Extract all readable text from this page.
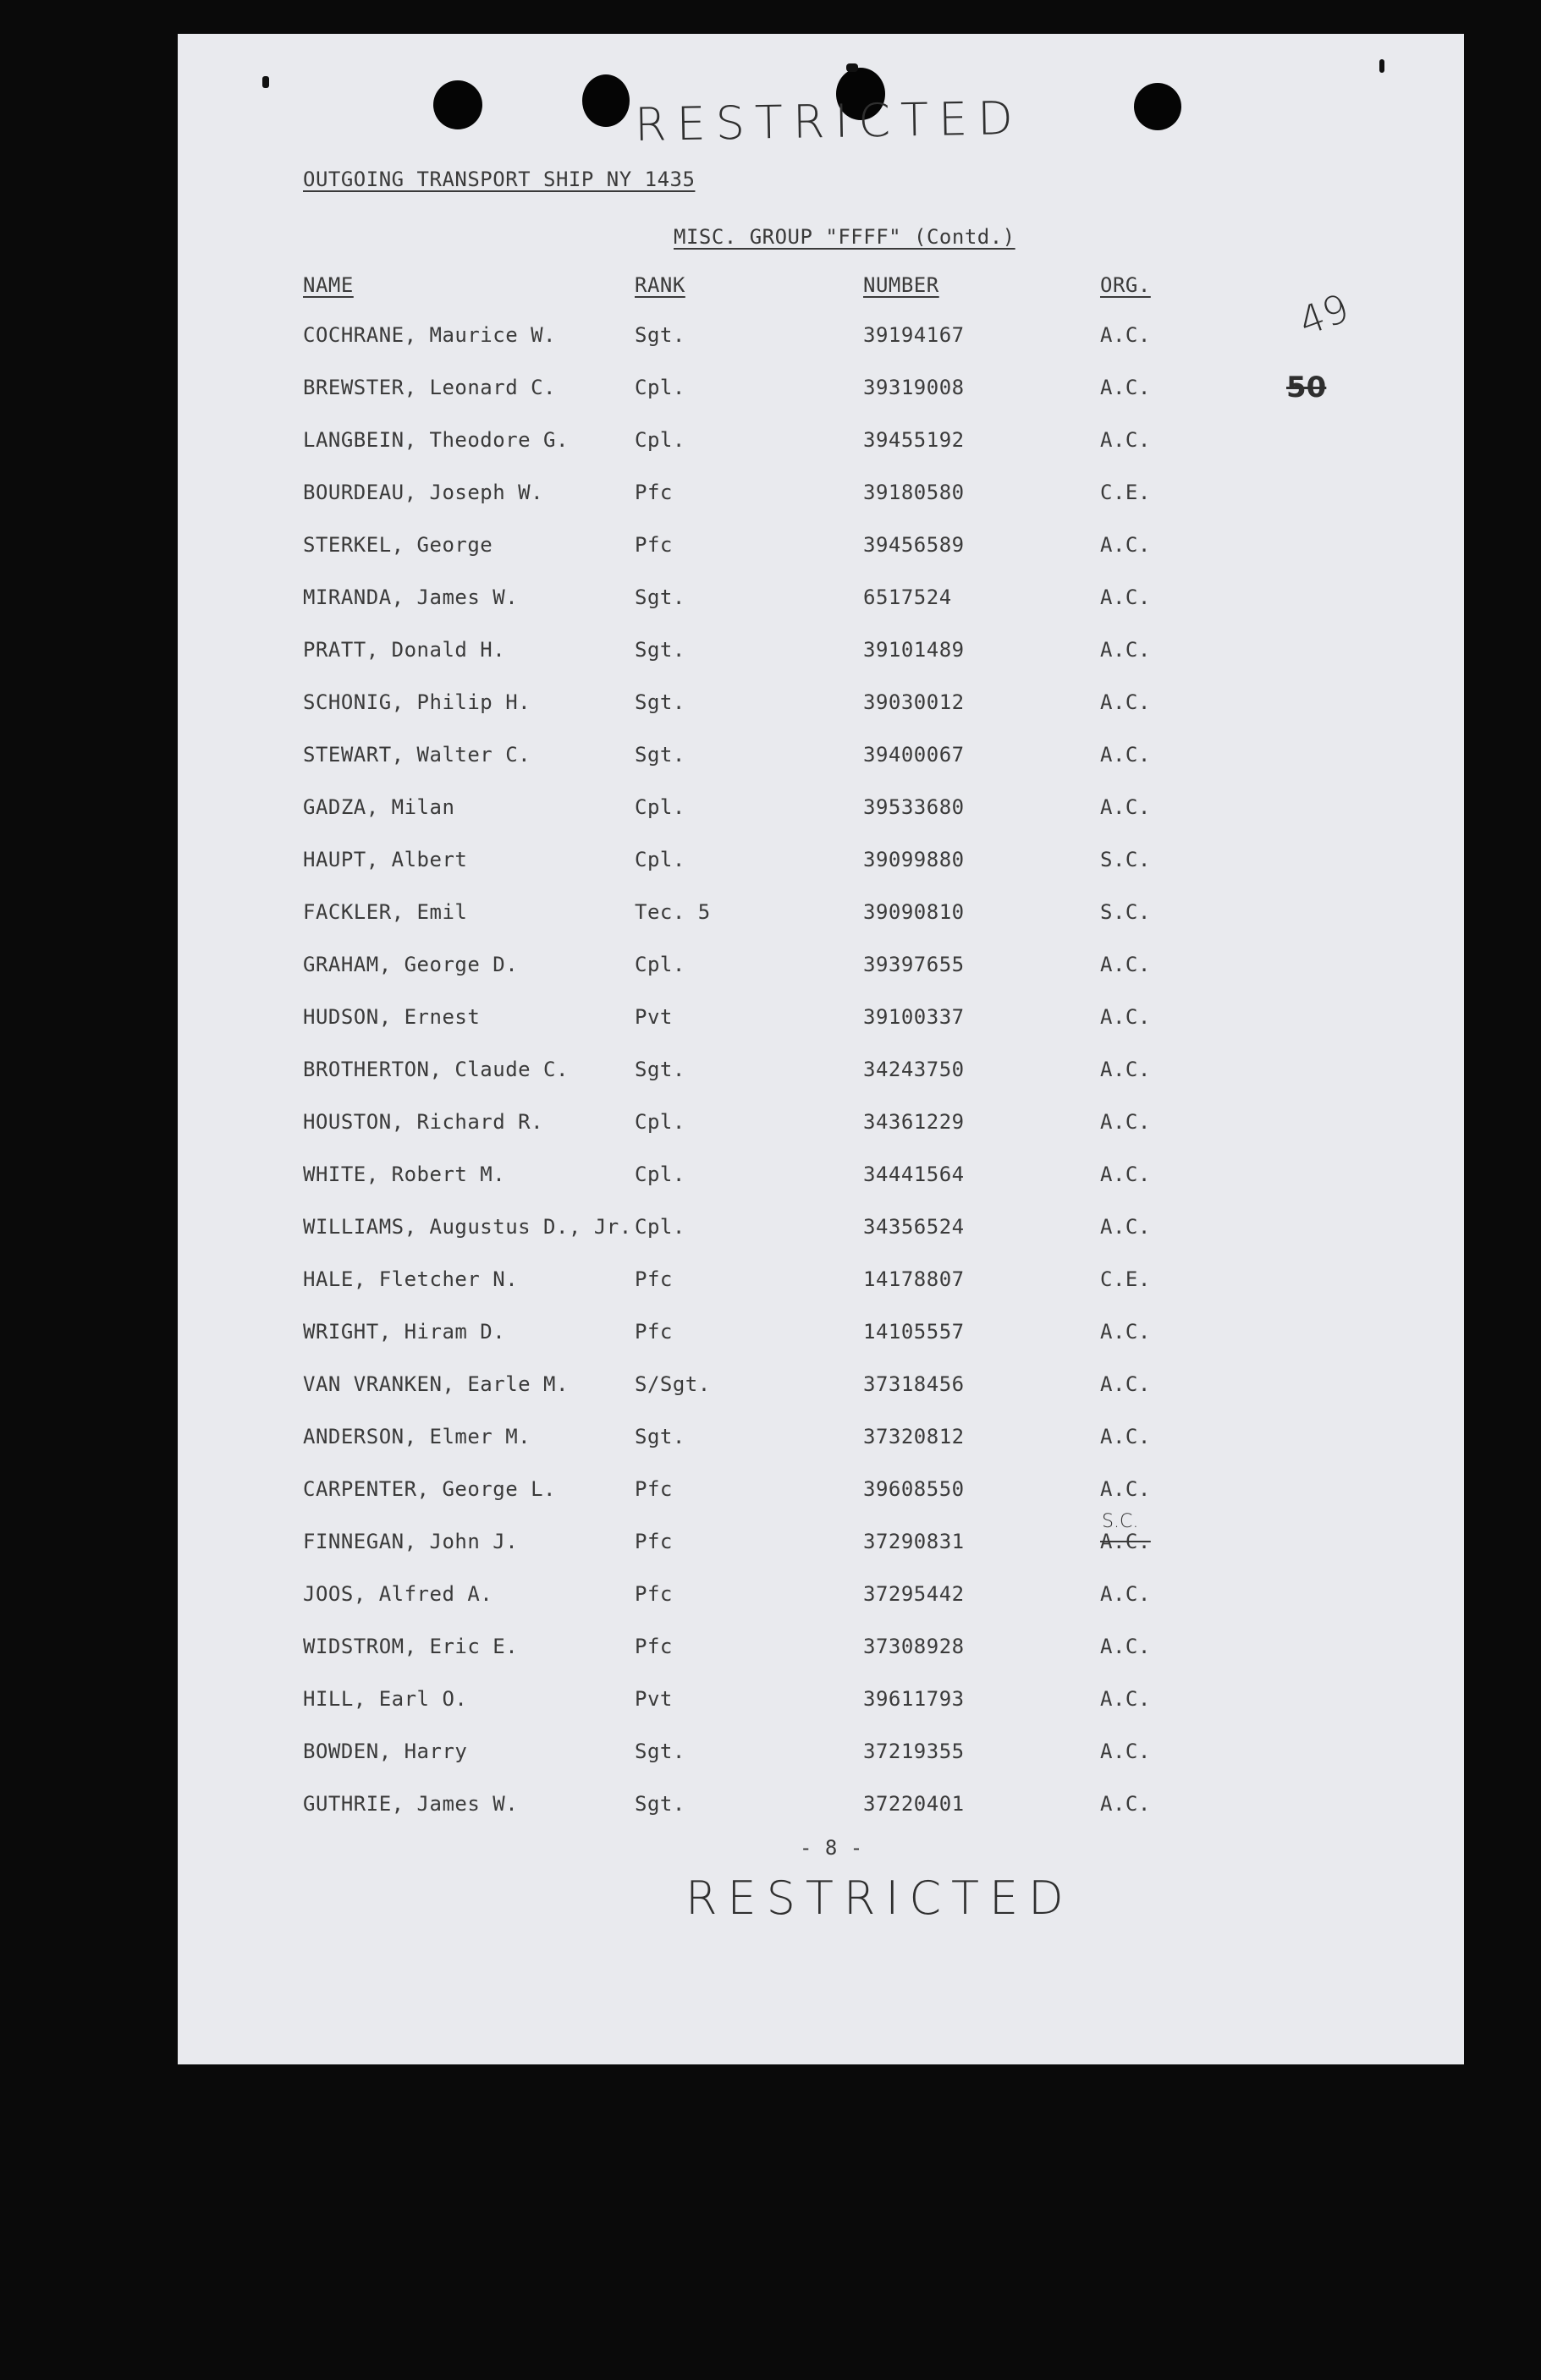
RESTRICTED
OUTGOING TRANSPORT SHIP NY 1435
MISC. GROUP "FFFF" (Contd.)
NAME	RANK	NUMBER	ORG.	49
50
COCHRANE, Maurice W.	Sgt.	39194167	A.C.
BREWSTER, Leonard C.	Cpl.	39319008	A.C.
LANGBEIN, Theodore G.	Cpl.	39455192	A.C.
BOURDEAU, Joseph W.	Pfc	39180580	C.E.
STERKEL, George	Pfc	39456589	A.C.
MIRANDA, James W.	Sgt.	6517524	A.C.
PRATT, Donald H.	Sgt.	39101489	A.C.
SCHONIG, Philip H.	Sgt.	39030012	A.C.
STEWART, Walter C.	Sgt.	39400067	A.C.
GADZA, Milan	Cpl.	39533680	A.C.
HAUPT, Albert	Cpl.	39099880	S.C.
FACKLER, Emil	Tec. 5	39090810	S.C.
GRAHAM, George D.	Cpl.	39397655	A.C.
HUDSON, Ernest	Pvt	39100337	A.C.
BROTHERTON, Claude C.	Sgt.	34243750	A.C.
HOUSTON, Richard R.	Cpl.	34361229	A.C.
WHITE, Robert M.	Cpl.	34441564	A.C.
WILLIAMS, Augustus D., Jr. Cpl.	34356524	A.C.
HALE, Fletcher N.	Pfc	14178807	C.E.
WRIGHT, Hiram D.	Pfc	14105557	A.C.
VAN VRANKEN, Earle M.	S/Sgt.	37318456	A.C.
ANDERSON, Elmer M.	Sgt.	37320812	A.C.
CARPENTER, George L.	Pfc	39608550	A.C.
FINNEGAN, John J.	Pfc	37290831	A.C.
S.C.
JOOS, Alfred A.	Pfc	37295442	A.C.
WIDSTROM, Eric E.	Pfc	37308928	A.C.
HILL, Earl O.	Pvt	39611793	A.C.
BOWDEN, Harry	Sgt.	37219355	A.C.
GUTHRIE, James W.	Sgt.	37220401	A.C.
- 8 -
RESTRICTED
